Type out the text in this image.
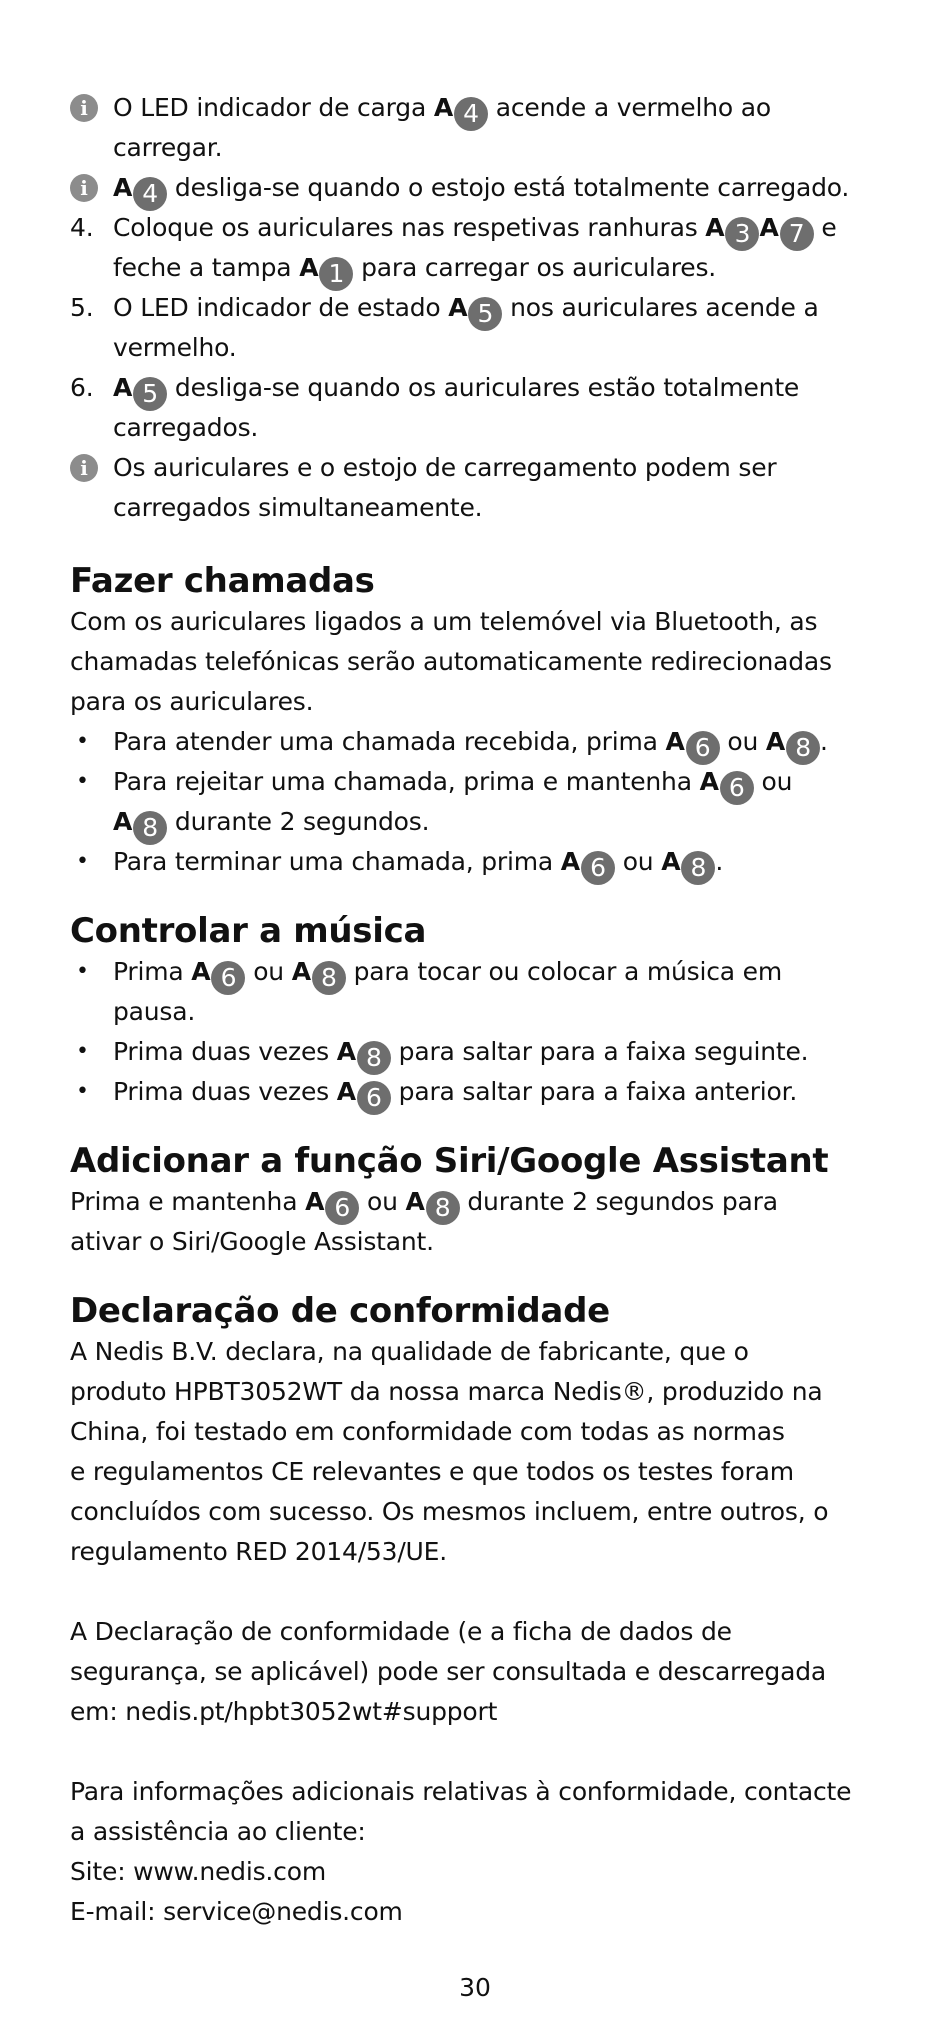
i	O LED indicador de carga A 4 acende a vermelho ao
carregar.
i	A 4 desliga-se quando o estojo está totalmente carregado.
4. Coloque os auriculares nas respetivas ranhuras A 3 A 7 e
feche a tampa A 1 para carregar os auriculares.
5. O LED indicador de estado A 5 nos auriculares acende a
vermelho.
6. A 5 desliga-se quando os auriculares estão totalmente
carregados.
i	Os auriculares e o estojo de carregamento podem ser
carregados simultaneamente.
Fazer chamadas
Com os auriculares ligados a um telemóvel via Bluetooth, as
chamadas telefónicas serão automaticamente redirecionadas
para os auriculares.
• Para atender uma chamada recebida, prima A 6 ou A 8 .
• Para rejeitar uma chamada, prima e mantenha A 6 ou
A 8 durante 2 segundos.
• Para terminar uma chamada, prima A 6 ou A 8 .
Controlar a música
• Prima A 6 ou A 8 para tocar ou colocar a música em
pausa.
• Prima duas vezes A 8 para saltar para a faixa seguinte.
• Prima duas vezes A 6 para saltar para a faixa anterior.
Adicionar a função Siri/Google Assistant
Prima e mantenha A 6 ou A 8 durante 2 segundos para
ativar o Siri/Google Assistant.
Declaração de conformidade
A Nedis B.V. declara, na qualidade de fabricante, que o
produto HPBT3052WT da nossa marca Nedis®, produzido na
China, foi testado em conformidade com todas as normas
e regulamentos CE relevantes e que todos os testes foram
concluídos com sucesso. Os mesmos incluem, entre outros, o
regulamento RED 2014/53/UE.
A Declaração de conformidade (e a ficha de dados de
segurança, se aplicável) pode ser consultada e descarregada
em: nedis.pt/hpbt3052wt#support
Para informações adicionais relativas à conformidade, contacte
a assistência ao cliente:
Site: www.nedis.com
E-mail: service@nedis.com
30
